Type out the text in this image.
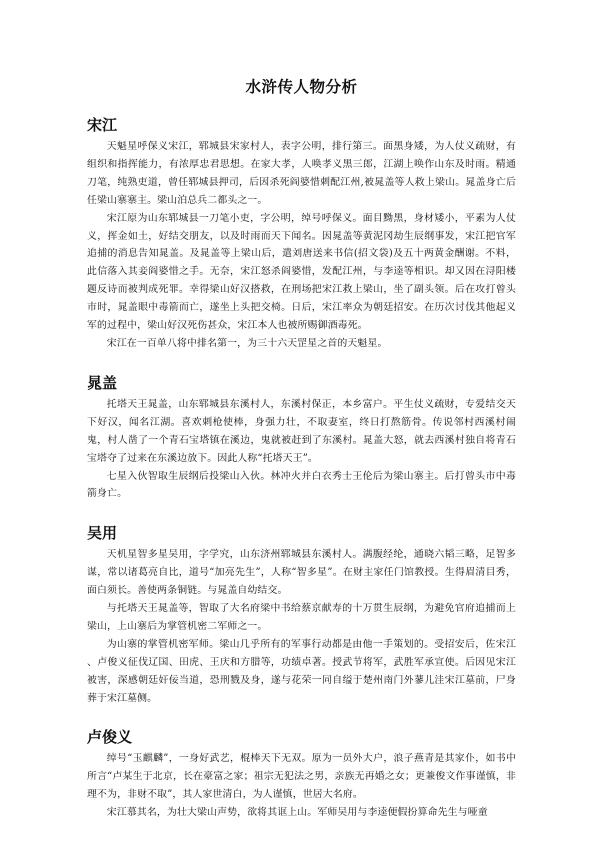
水浒传人物分析
宋江

天魁星呼保义宋江，郓城县宋家村人，表字公明，排行第三。面黑身矮，为人仗义疏财，有组织和指挥能力，有浓厚忠君思想。在家大孝，人唤孝义黑三郎，江湖上唤作山东及时雨。精通刀笔，纯熟吏道，曾任郓城县押司，后因杀死阎婆惜刺配江州,被晁盖等人救上梁山。晁盖身亡后任梁山寨寨主。梁山泊总兵二都头之一。

宋江原为山东郓城县一刀笔小吏，字公明，绰号呼保义。面目黝黑，身材矮小，平素为人仗义，挥金如土，好结交朋友，以及时雨而天下闻名。因晁盖等黄泥冈劫生辰纲事发，宋江把官军追捕的消息告知晁盖。及晁盖等上梁山后，遣刘唐送来书信(招文袋)及五十两黄金酬谢。不料，此信落入其妾阎婆惜之手。无奈，宋江怒杀阎婆惜，发配江州，与李逵等相识。却又因在浔阳楼题反诗而被判成死罪。幸得梁山好汉搭救，在刑场把宋江救上梁山，坐了副头领。后在攻打曾头市时，晁盖眼中毒箭而亡，遂坐上头把交椅。日后，宋江率众为朝廷招安。在历次讨伐其他起义军的过程中，梁山好汉死伤甚众，宋江本人也被所赐御酒毒死。

宋江在一百单八将中排名第一，为三十六天罡星之首的天魁星。

晁盖

托塔天王晁盖，山东郓城县东溪村人，东溪村保正，本乡富户。平生仗义疏财，专爱结交天下好汉，闻名江湖。喜欢刺枪使棒，身强力壮，不取妻室，终日打熬筋骨。传说邻村西溪村闹鬼，村人凿了一个青石宝塔镇在溪边，鬼就被赶到了东溪村。晁盖大怒，就去西溪村独自将青石宝塔夺了过来在东溪边放下。因此人称“托塔天王”。

七星入伙智取生辰纲后投梁山入伙。林冲火并白衣秀士王伦后为梁山寨主。后打曾头市中毒箭身亡。

吴用

天机星智多星吴用，字学究，山东济州郓城县东溪村人。满腹经纶，通晓六韬三略，足智多谋，常以诸葛亮自比，道号“加亮先生”，人称“智多星”。在财主家任门馆教授。生得眉清目秀，面白须长。善使两条铜链。与晁盖自幼结交。

与托塔天王晁盖等，智取了大名府梁中书给蔡京献寿的十万贯生辰纲，为避免官府追捕而上梁山，上山寨后为掌管机密二军师之一。

为山寨的掌管机密军师。梁山几乎所有的军事行动都是由他一手策划的。受招安后，佐宋江 、卢俊义征伐辽国、田虎、王庆和方腊等，功绩卓著。授武节将军，武胜军承宣使。后因见宋江被害，深感朝廷奸佞当道，恐刑戮及身，遂与花荣一同自缢于楚州南门外蓼儿洼宋江墓前，尸身葬于宋江墓侧。

卢俊义

绰号“玉麒麟”，一身好武艺，棍棒天下无双。原为一员外大户，浪子燕青是其家仆，如书中所言“卢某生于北京，长在豪富之家；祖宗无犯法之男，亲族无再婚之女；更兼俊文作事谨慎，非理不为，非财不取”，其人家世清白，为人谨慎，世居大名府。

宋江慕其名，为壮大梁山声势，欲将其诓上山。军师吴用与李逵便假扮算命先生与哑童
